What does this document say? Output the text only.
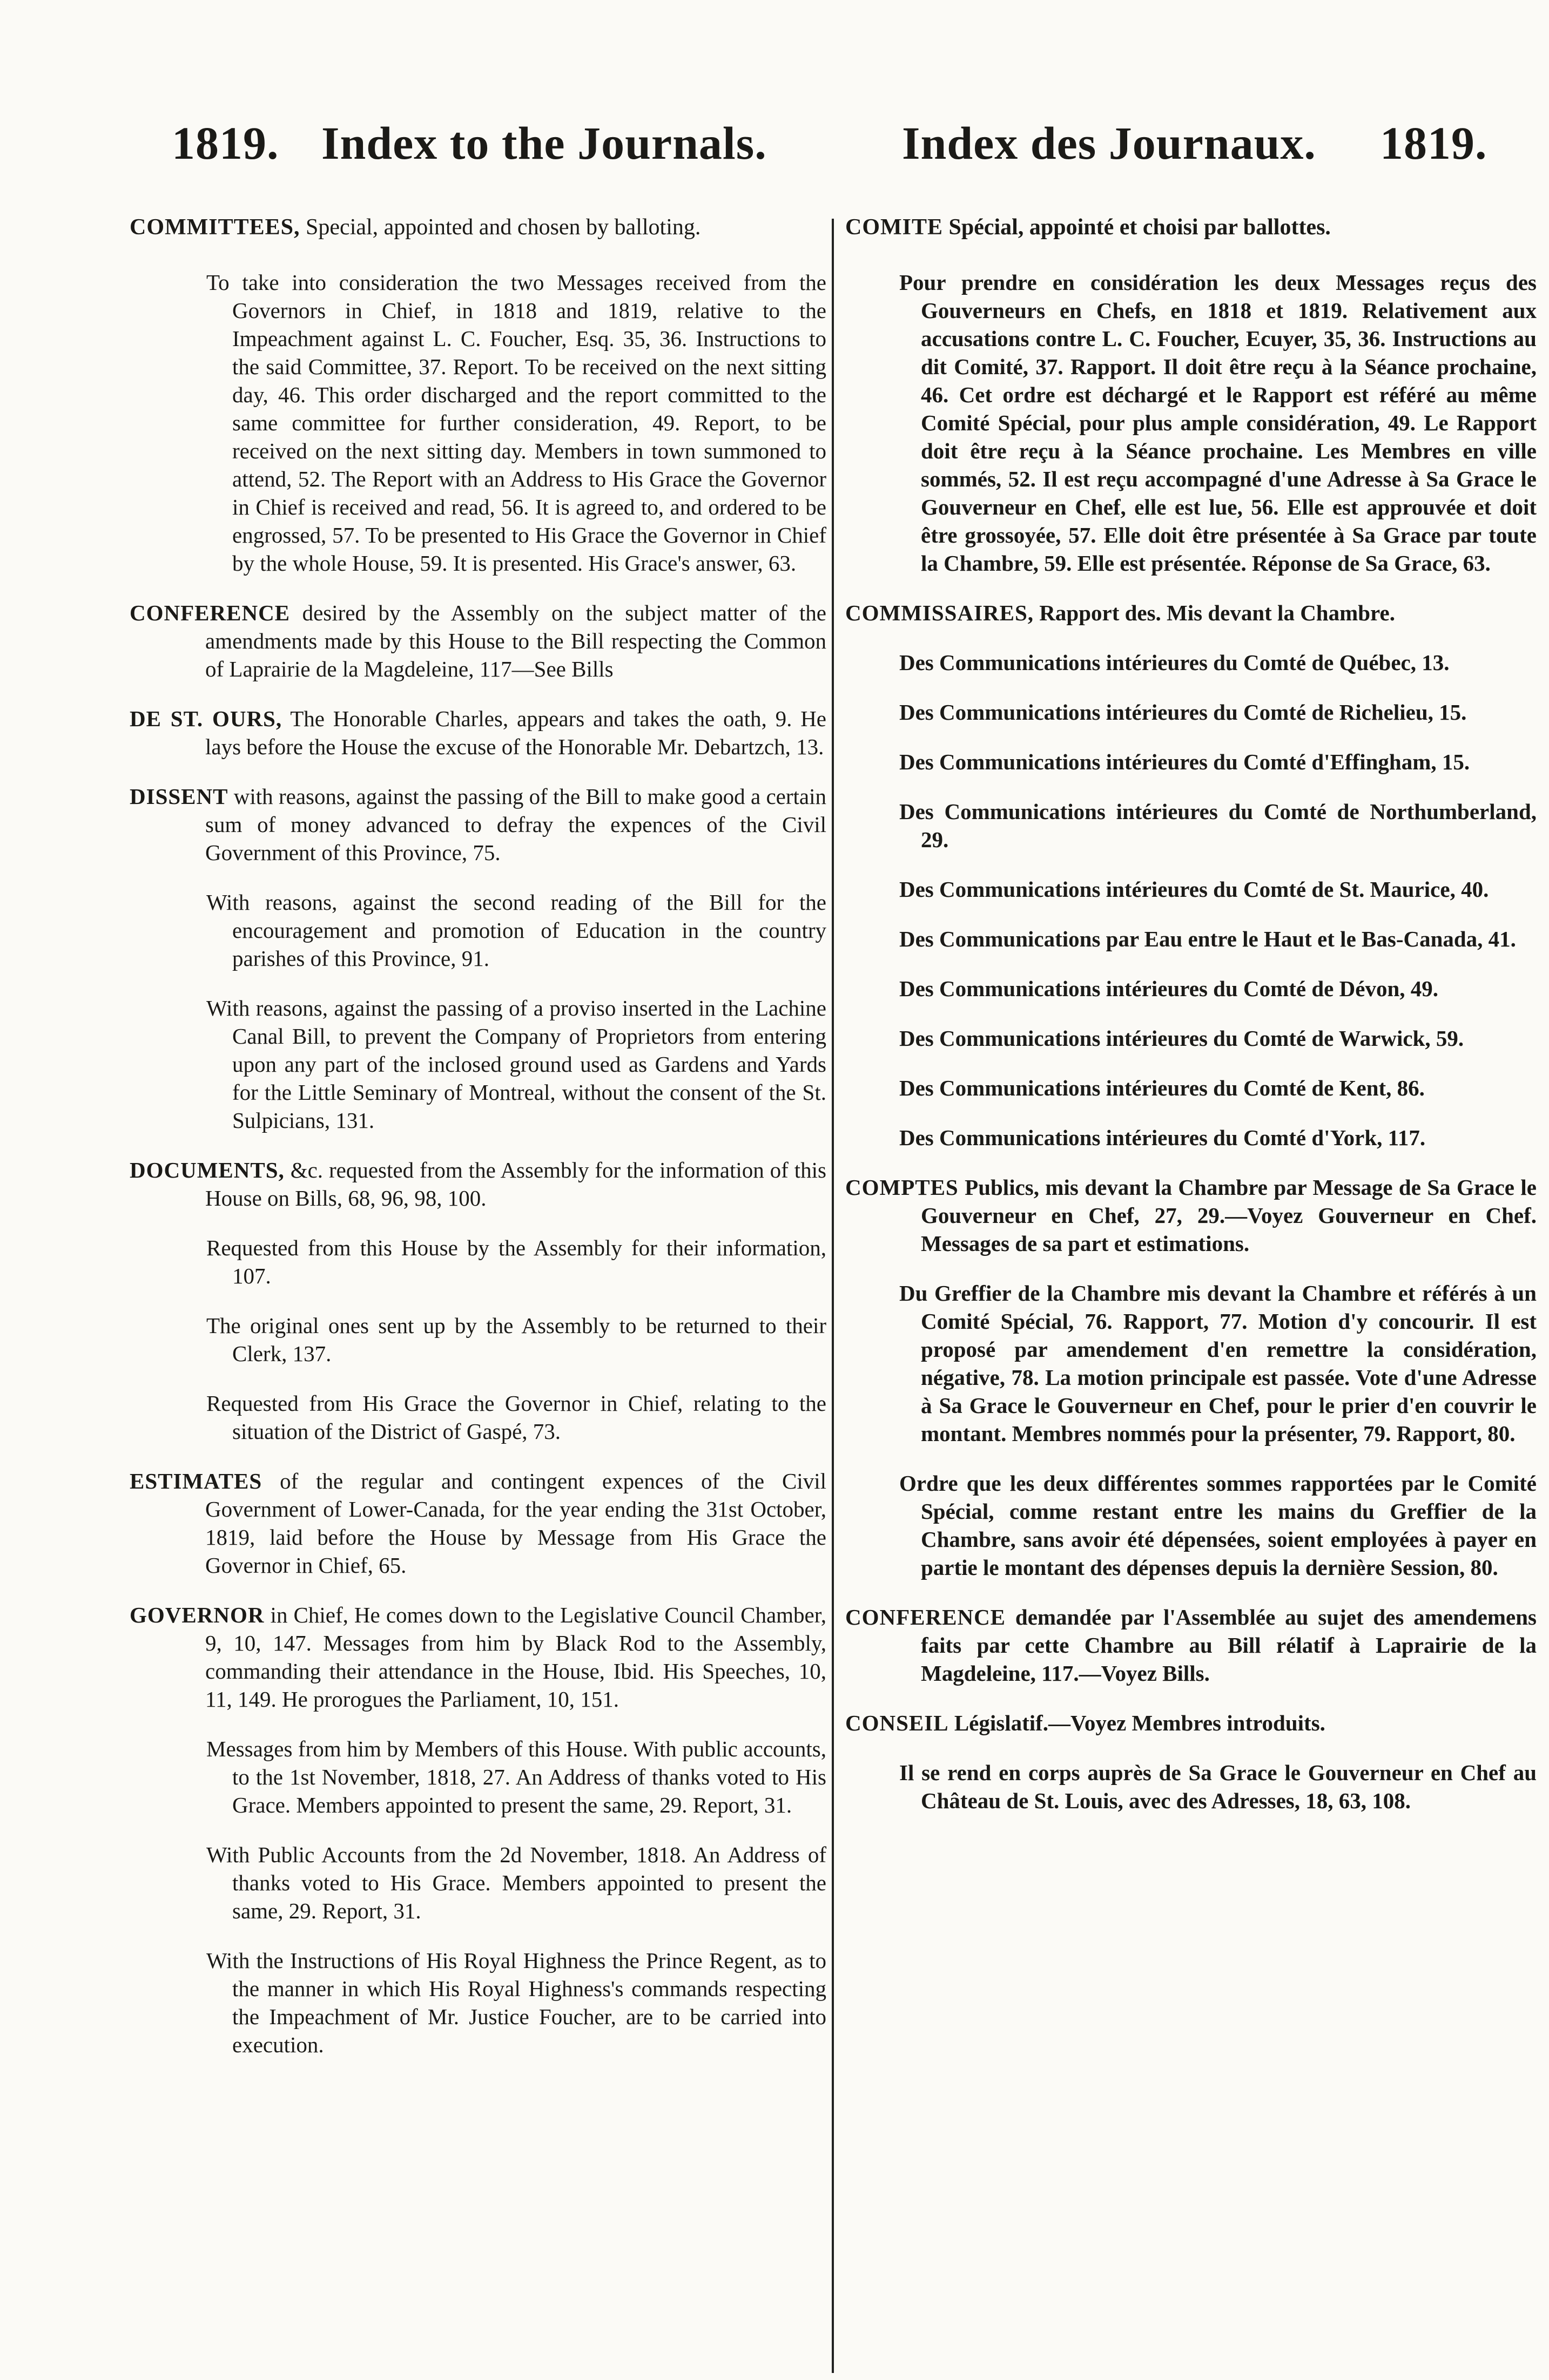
1819. Index to the Journals.	Index des Journaux. 1819.
COMMITTEES, Special, appointed and chosen by balloting.
To take into consideration the two Messages received from the Governors in Chief, in 1818 and 1819, relative to the Impeachment against L. C. Foucher, Esq. 35, 36. Instructions to the said Committee, 37. Report. To be received on the next sitting day, 46. This order discharged and the report committed to the same committee for further consideration, 49. Report, to be received on the next sitting day. Members in town summoned to attend, 52. The Report with an Address to His Grace the Governor in Chief is received and read, 56. It is agreed to, and ordered to be engrossed, 57. To be presented to His Grace the Governor in Chief by the whole House, 59. It is presented. His Grace's answer, 63.
CONFERENCE desired by the Assembly on the subject matter of the amendments made by this House to the Bill respecting the Common of Laprairie de la Magdeleine, 117—See Bills
DE ST. OURS, The Honorable Charles, appears and takes the oath, 9. He lays before the House the excuse of the Honorable Mr. Debartzch, 13.
DISSENT with reasons, against the passing of the Bill to make good a certain sum of money advanced to defray the expences of the Civil Government of this Province, 75.
With reasons, against the second reading of the Bill for the encouragement and promotion of Education in the country parishes of this Province, 91.
With reasons, against the passing of a proviso inserted in the Lachine Canal Bill, to prevent the Company of Proprietors from entering upon any part of the inclosed ground used as Gardens and Yards for the Little Seminary of Montreal, without the consent of the St. Sulpicians, 131.
DOCUMENTS, &c. requested from the Assembly for the information of this House on Bills, 68, 96, 98, 100.
Requested from this House by the Assembly for their information, 107.
The original ones sent up by the Assembly to be returned to their Clerk, 137.
Requested from His Grace the Governor in Chief, relating to the situation of the District of Gaspé, 73.
ESTIMATES of the regular and contingent expences of the Civil Government of Lower-Canada, for the year ending the 31st October, 1819, laid before the House by Message from His Grace the Governor in Chief, 65.
GOVERNOR in Chief, He comes down to the Legislative Council Chamber, 9, 10, 147. Messages from him by Black Rod to the Assembly, commanding their attendance in the House, Ibid. His Speeches, 10, 11, 149. He prorogues the Parliament, 10, 151.
Messages from him by Members of this House. With public accounts, to the 1st November, 1818, 27. An Address of thanks voted to His Grace. Members appointed to present the same, 29. Report, 31.
With Public Accounts from the 2d November, 1818. An Address of thanks voted to His Grace. Members appointed to present the same, 29. Report, 31.
With the Instructions of His Royal Highness the Prince Regent, as to the manner in which His Royal Highness's commands respecting the Impeachment of Mr. Justice Foucher, are to be carried into execution.
COMITE Spécial, appointé et choisi par ballottes.
Pour prendre en considération les deux Messages reçus des Gouverneurs en Chefs, en 1818 et 1819. Relativement aux accusations contre L. C. Foucher, Ecuyer, 35, 36. Instructions au dit Comité, 37. Rapport. Il doit être reçu à la Séance prochaine, 46. Cet ordre est déchargé et le Rapport est référé au même Comité Spécial, pour plus ample considération, 49. Le Rapport doit être reçu à la Séance prochaine. Les Membres en ville sommés, 52. Il est reçu accompagné d'une Adresse à Sa Grace le Gouverneur en Chef, elle est lue, 56. Elle est approuvée et doit être grossoyée, 57. Elle doit être présentée à Sa Grace par toute la Chambre, 59. Elle est présentée. Réponse de Sa Grace, 63.
COMMISSAIRES, Rapport des. Mis devant la Chambre.
Des Communications intérieures du Comté de Québec, 13.
Des Communications intérieures du Comté de Richelieu, 15.
Des Communications intérieures du Comté d'Effingham, 15.
Des Communications intérieures du Comté de Northumberland, 29.
Des Communications intérieures du Comté de St. Maurice, 40.
Des Communications par Eau entre le Haut et le Bas-Canada, 41.
Des Communications intérieures du Comté de Dévon, 49.
Des Communications intérieures du Comté de Warwick, 59.
Des Communications intérieures du Comté de Kent, 86.
Des Communications intérieures du Comté d'York, 117.
COMPTES Publics, mis devant la Chambre par Message de Sa Grace le Gouverneur en Chef, 27, 29.—Voyez Gouverneur en Chef. Messages de sa part et estimations.
Du Greffier de la Chambre mis devant la Chambre et référés à un Comité Spécial, 76. Rapport, 77. Motion d'y concourir. Il est proposé par amendement d'en remettre la considération, négative, 78. La motion principale est passée. Vote d'une Adresse à Sa Grace le Gouverneur en Chef, pour le prier d'en couvrir le montant. Membres nommés pour la présenter, 79. Rapport, 80.
Ordre que les deux différentes sommes rapportées par le Comité Spécial, comme restant entre les mains du Greffier de la Chambre, sans avoir été dépensées, soient employées à payer en partie le montant des dépenses depuis la dernière Session, 80.
CONFERENCE demandée par l'Assemblée au sujet des amendemens faits par cette Chambre au Bill rélatif à Laprairie de la Magdeleine, 117.—Voyez Bills.
CONSEIL Législatif.—Voyez Membres introduits.
Il se rend en corps auprès de Sa Grace le Gouverneur en Chef au Château de St. Louis, avec des Adresses, 18, 63, 108.
